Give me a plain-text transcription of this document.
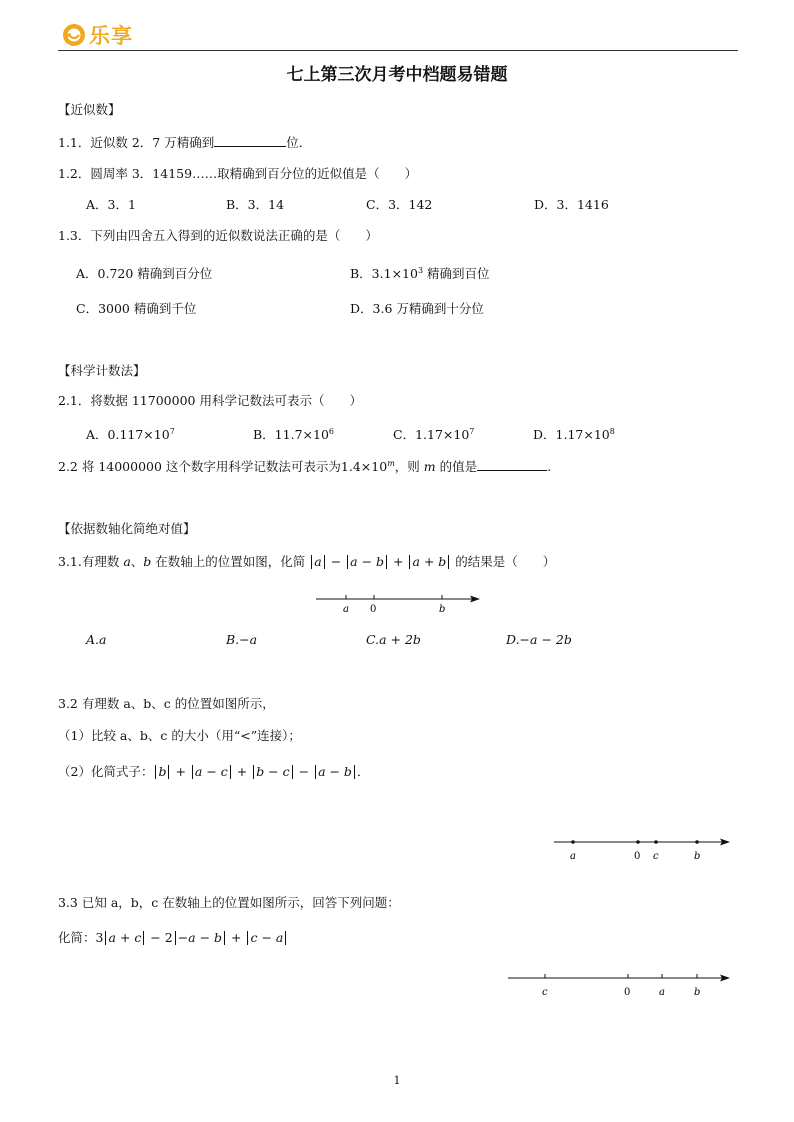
乐享
七上第三次月考中档题易错题
【近似数】
1.1．近似数 2．7 万精确到	位．
1.2．圆周率 3．14159……取精确到百分位的近似值是（　　）
A．3．1	B．3．14	C．3．142	D．3．1416
1.3．下列由四舍五入得到的近似数说法正确的是（　　）
A．0.720 精确到百分位	B．$3.1\times 10^3$ 精确到百位
C．3000 精确到千位	D．3.6 万精确到十分位
【科学计数法】
2.1．将数据 11700000 用科学记数法可表示（　　）
A．$0.117\times 10^7$	B．$11.7\times 10^6$	C．$1.17\times 10^7$	D．$1.17\times 10^8$
2.2 将 14000000 这个数字用科学记数法可表示为$1.4\times 10^m$，则 m 的值是	.
【依据数轴化简绝对值】
3.1.有理数 a、b 在数轴上的位置如图，化简 a − a − b + a + b 的结果是（　　）
a 0	b
A.a	B.−a	C.a + 2b	D.−a − 2b
3.2 有理数 a、b、c 的位置如图所示，
（1）比较 a、b、c 的大小（用“<”连接）；
（2）化简式子： b + a − c + b − c − a − b ．
a	0 c	b
3.3 已知 a，b，c 在数轴上的位置如图所示，回答下列问题：
化简：3 a + c − 2 −a − b + c − a
c	0	a	b
1
